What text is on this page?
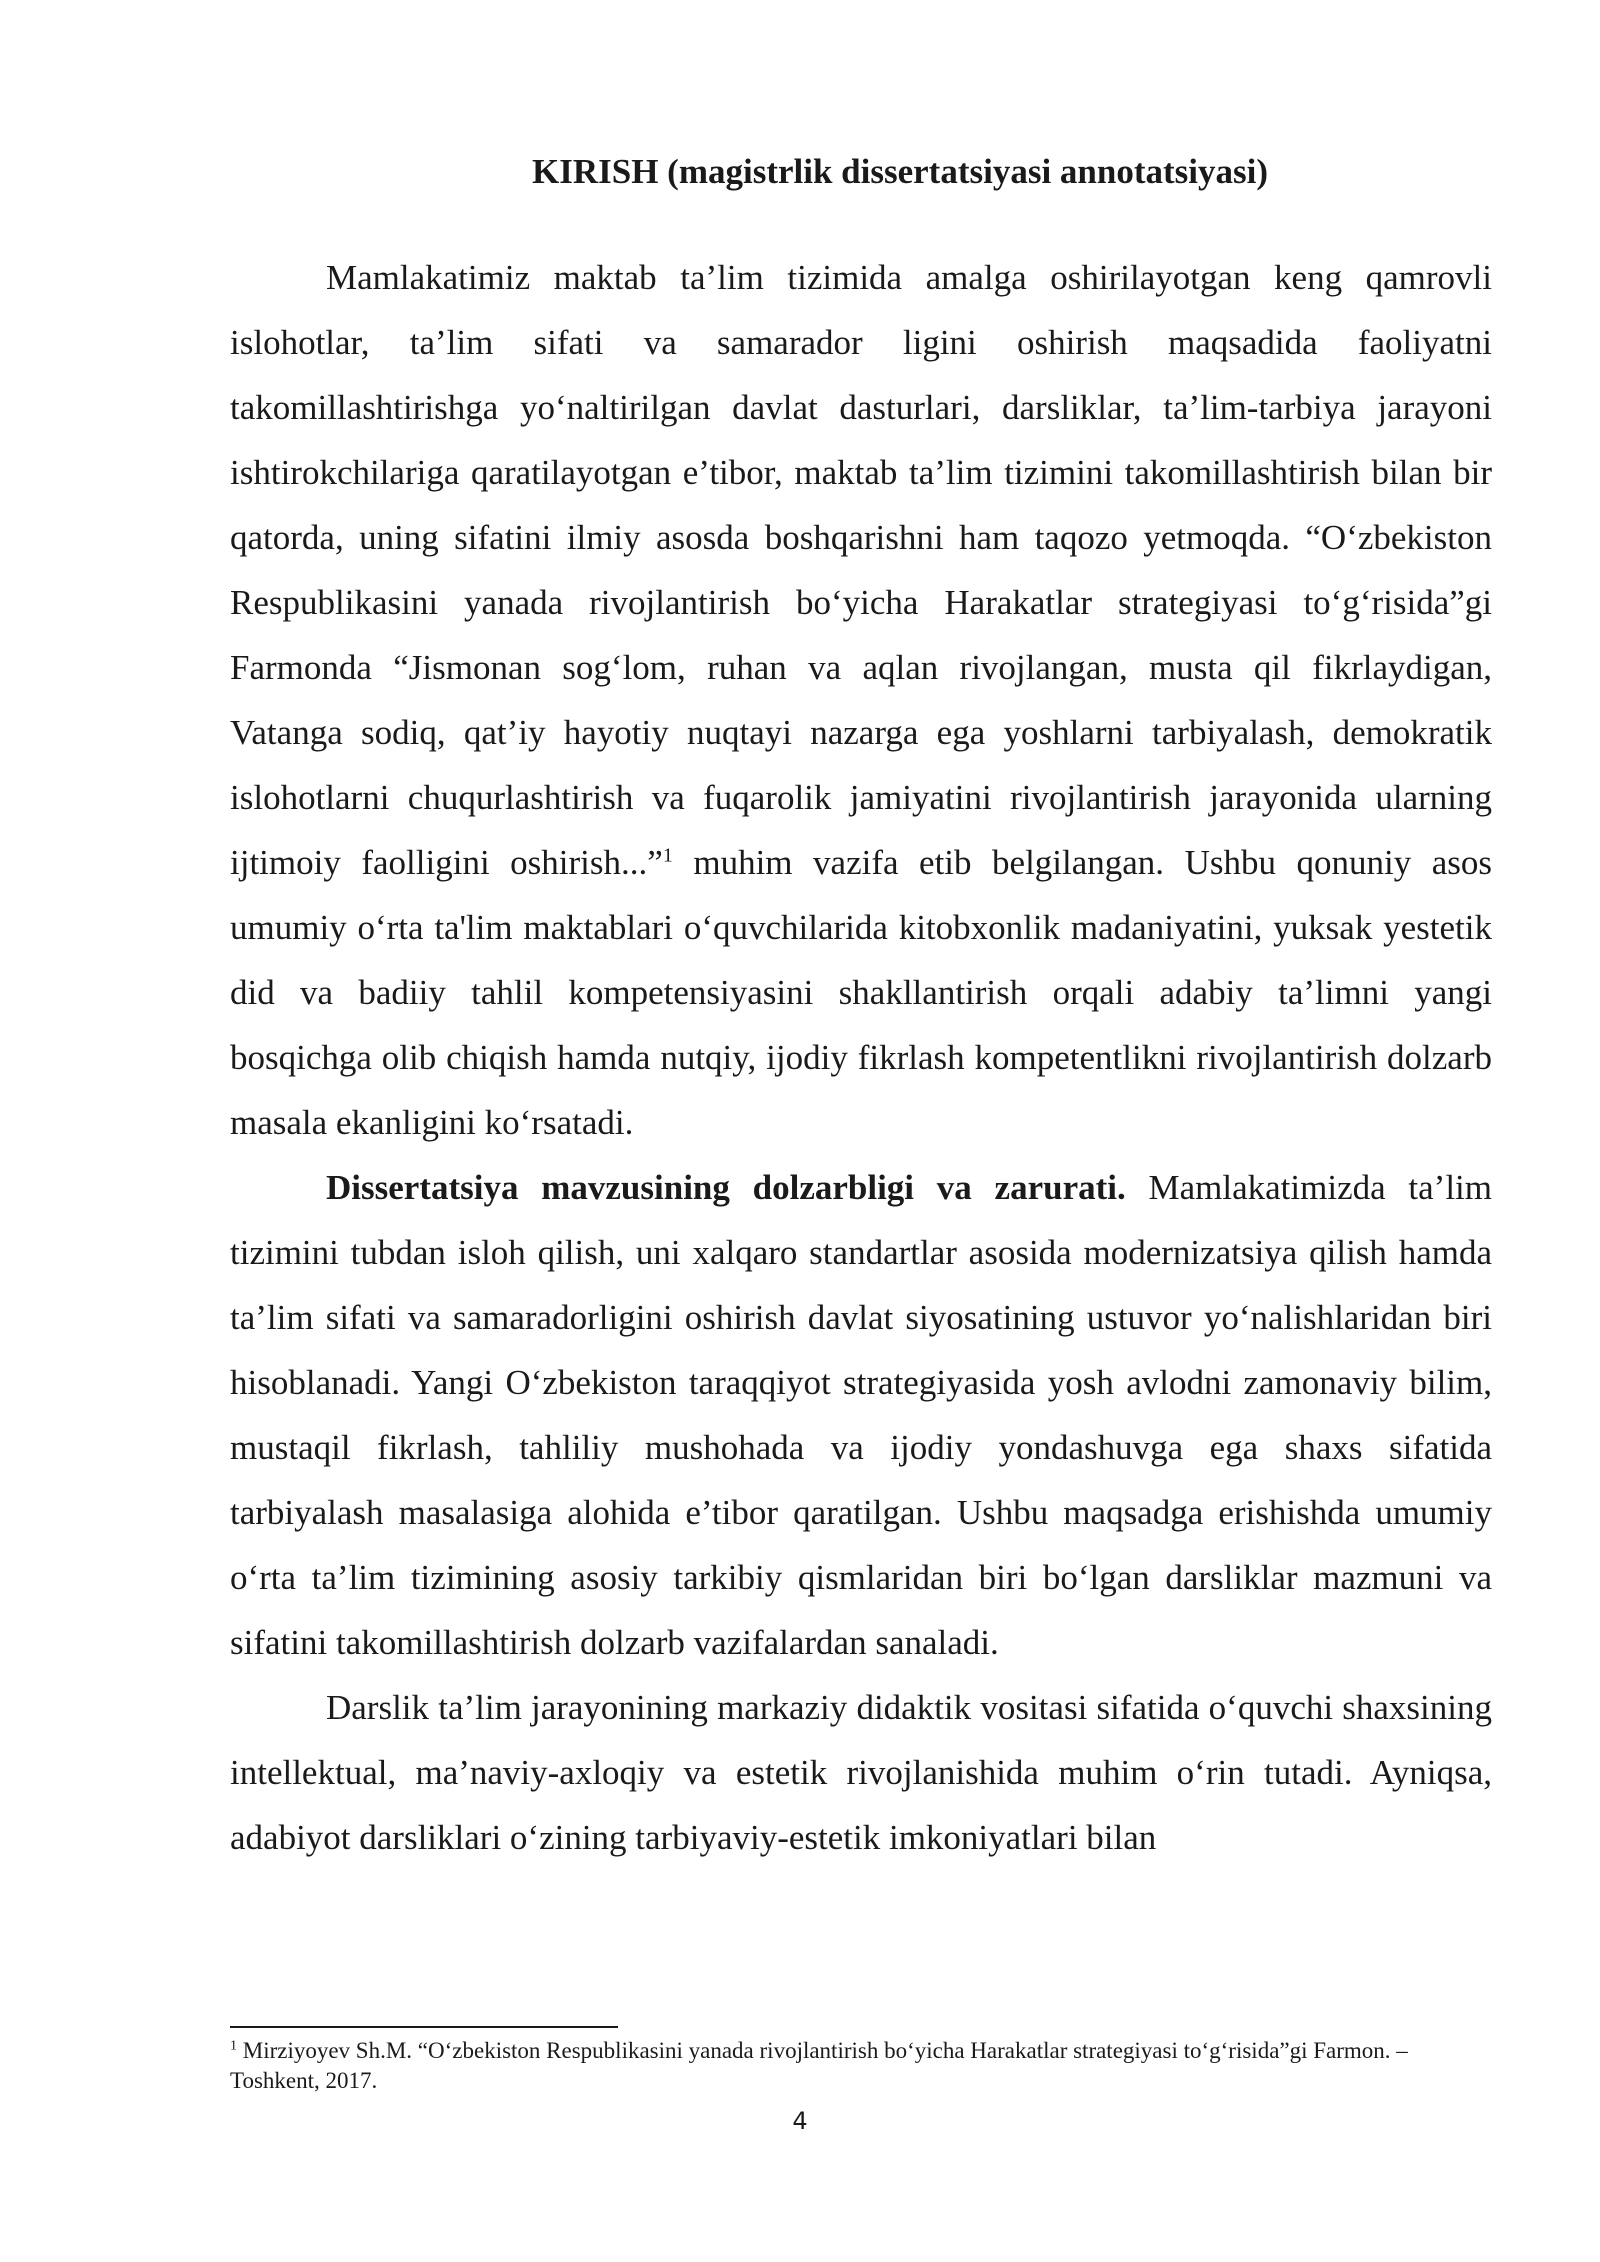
KIRISH (magistrlik dissertatsiyasi annotatsiyasi)

Mamlakatimiz maktab ta’lim tizimida amalga oshirilayotgan keng qamrovli islohotlar, ta’lim sifati va samarador ligini oshirish maqsadida faoliyatni takomillashtirishga yo‘naltirilgan davlat dasturlari, darsliklar, ta’lim-tarbiya jarayoni ishtirokchilariga qaratilayotgan e’tibor, maktab ta’lim tizimini takomillashtirish bilan bir qatorda, uning sifatini ilmiy asosda boshqarishni ham taqozo yetmoqda. “O‘zbekiston Respublikasini yanada rivojlantirish bo‘yicha Harakatlar strategiyasi to‘g‘risida”gi Farmonda “Jismonan sog‘lom, ruhan va aqlan rivojlangan, musta qil fikrlaydigan, Vatanga sodiq, qat’iy hayotiy nuqtayi nazarga ega yoshlarni tarbiyalash, demokratik islohotlarni chuqurlashtirish va fuqarolik jamiyatini rivojlantirish jarayonida ularning ijtimoiy faolligini oshirish...”$^1$ muhim vazifa etib belgilangan. Ushbu qonuniy asos umumiy o‘rta ta'lim maktablari o‘quvchilarida kitobxonlik madaniyatini, yuksak yestetik did va badiiy tahlil kompetensiyasini shakllantirish orqali adabiy ta’limni yangi bosqichga olib chiqish hamda nutqiy, ijodiy fikrlash kompetentlikni rivojlantirish dolzarb masala ekanligini ko‘rsatadi.

Dissertatsiya mavzusining dolzarbligi va zarurati. Mamlakatimizda ta’lim tizimini tubdan isloh qilish, uni xalqaro standartlar asosida modernizatsiya qilish hamda ta’lim sifati va samaradorligini oshirish davlat siyosatining ustuvor yo‘nalishlaridan biri hisoblanadi. Yangi O‘zbekiston taraqqiyot strategiyasida yosh avlodni zamonaviy bilim, mustaqil fikrlash, tahliliy mushohada va ijodiy yondashuvga ega shaxs sifatida tarbiyalash masalasiga alohida e’tibor qaratilgan. Ushbu maqsadga erishishda umumiy o‘rta ta’lim tizimining asosiy tarkibiy qismlaridan biri bo‘lgan darsliklar mazmuni va sifatini takomillashtirish dolzarb vazifalardan sanaladi.

Darslik ta’lim jarayonining markaziy didaktik vositasi sifatida o‘quvchi shaxsining intellektual, ma’naviy-axloqiy va estetik rivojlanishida muhim o‘rin tutadi. Ayniqsa, adabiyot darsliklari o‘zining tarbiyaviy-estetik imkoniyatlari bilan

$^1$ Mirziyoyev Sh.M. “O‘zbekiston Respublikasini yanada rivojlantirish bo‘yicha Harakatlar strategiyasi to‘g‘risida”gi Farmon. – Toshkent, 2017.

4
